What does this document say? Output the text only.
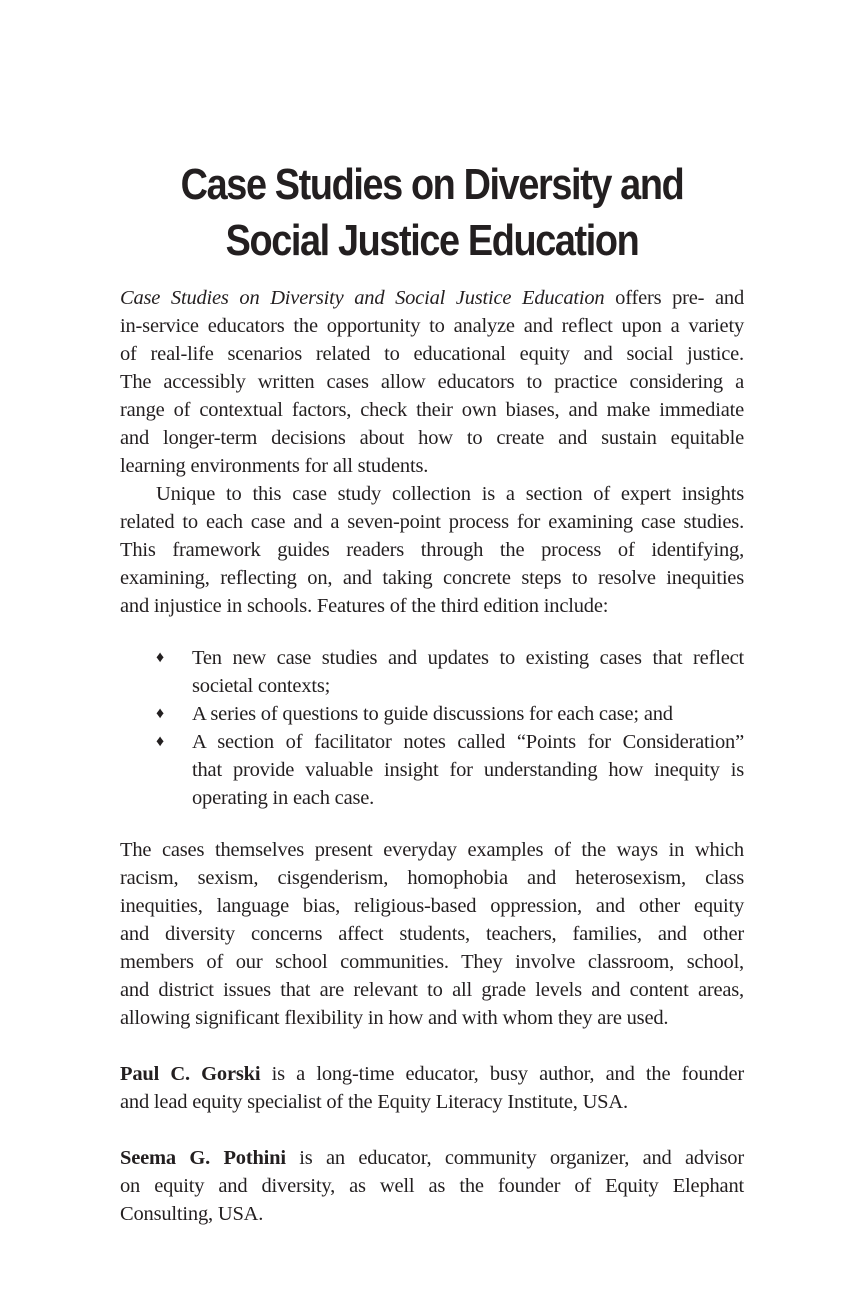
Case Studies on Diversity and
Social Justice Education
Case Studies on Diversity and Social Justice Education offers pre- and
in-service educators the opportunity to analyze and reflect upon a variety
of real-life scenarios related to educational equity and social justice.
The accessibly written cases allow educators to practice considering a
range of contextual factors, check their own biases, and make immediate
and longer-term decisions about how to create and sustain equitable
learning environments for all students.
Unique to this case study collection is a section of expert insights
related to each case and a seven-point process for examining case studies.
This framework guides readers through the process of identifying,
examining, reflecting on, and taking concrete steps to resolve inequities
and injustice in schools. Features of the third edition include:
♦ Ten new case studies and updates to existing cases that reflect
societal contexts;
♦ A series of questions to guide discussions for each case; and
♦ A section of facilitator notes called “Points for Consideration”
that provide valuable insight for understanding how inequity is
operating in each case.
The cases themselves present everyday examples of the ways in which
racism, sexism, cisgenderism, homophobia and heterosexism, class
inequities, language bias, religious-based oppression, and other equity
and diversity concerns affect students, teachers, families, and other
members of our school communities. They involve classroom, school,
and district issues that are relevant to all grade levels and content areas,
allowing significant flexibility in how and with whom they are used.
Paul C. Gorski is a long-time educator, busy author, and the founder
and lead equity specialist of the Equity Literacy Institute, USA.
Seema G. Pothini is an educator, community organizer, and advisor
on equity and diversity, as well as the founder of Equity Elephant
Consulting, USA.
